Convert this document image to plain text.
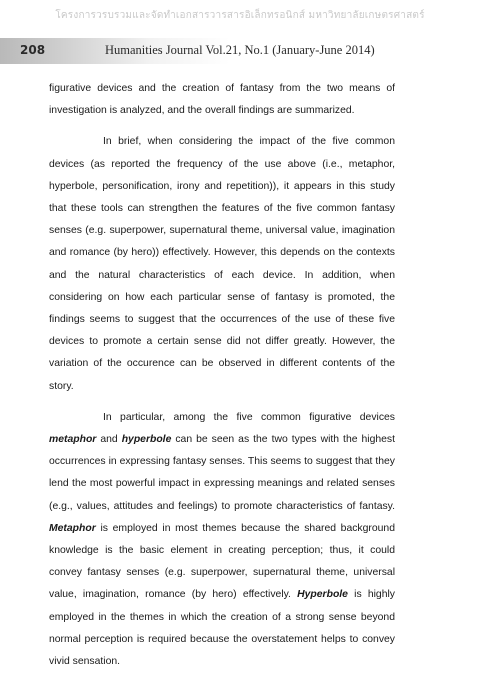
โครงการวรบรวมและจัดทำเอกสารวารสารอิเล็กทรอนิกส์ มหาวิทยาลัยเกษตรศาสตร์
208	Humanities Journal Vol.21, No.1 (January-June 2014)

figurative devices and the creation of fantasy from the two means of investigation is analyzed, and the overall findings are summarized.

In brief, when considering the impact of the five common devices (as reported the frequency of the use above (i.e., metaphor, hyperbole, personification, irony and repetition)), it appears in this study that these tools can strengthen the features of the five common fantasy senses (e.g. superpower, supernatural theme, universal value, imagination and romance (by hero)) effectively. However, this depends on the contexts and the natural characteristics of each device. In addition, when considering on how each particular sense of fantasy is promoted, the findings seems to suggest that the occurrences of the use of these five devices to promote a certain sense did not differ greatly. However, the variation of the occurence can be observed in different contents of the story.

In particular, among the five common figurative devices metaphor and hyperbole can be seen as the two types with the highest occurrences in expressing fantasy senses. This seems to suggest that they lend the most powerful impact in expressing meanings and related senses (e.g., values, attitudes and feelings) to promote characteristics of fantasy. Metaphor is employed in most themes because the shared background knowledge is the basic element in creating perception; thus, it could convey fantasy senses (e.g. superpower, supernatural theme, universal value, imagination, romance (by hero) effectively. Hyperbole is highly employed in the themes in which the creation of a strong sense beyond normal perception is required because the overstatement helps to convey vivid sensation.
